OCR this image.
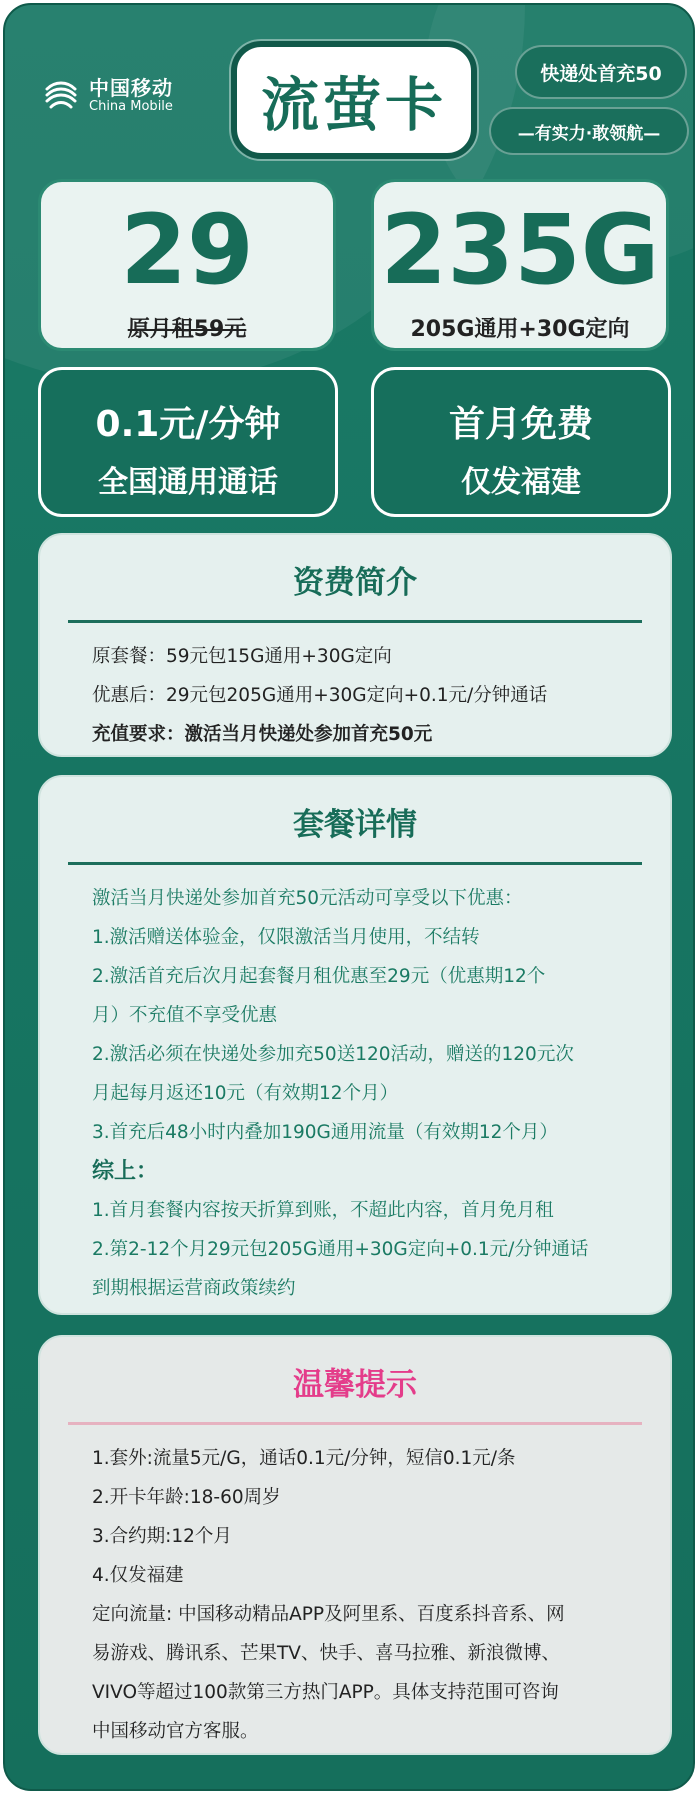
中国移动
China Mobile 流萤卡	快递处首充50
—有实力·敢领航—
29
原月租59元
235G
205G通用+30G定向
0.1元/分钟
全国通用通话
首月免费
仅发福建
资费简介
原套餐：59元包15G通用+30G定向
优惠后：29元包205G通用+30G定向+0.1元/分钟通话
充值要求：激活当月快递处参加首充50元
套餐详情
激活当月快递处参加首充50元活动可享受以下优惠：
1.激活赠送体验金，仅限激活当月使用，不结转
2.激活首充后次月起套餐月租优惠至29元（优惠期12个
月）不充值不享受优惠
2.激活必须在快递处参加充50送120活动，赠送的120元次
月起每月返还10元（有效期12个月）
3.首充后48小时内叠加190G通用流量（有效期12个月）
综上：
1.首月套餐内容按天折算到账，不超此内容，首月免月租
2.第2-12个月29元包205G通用+30G定向+0.1元/分钟通话
到期根据运营商政策续约
温馨提示
1.套外:流量5元/G，通话0.1元/分钟，短信0.1元/条
2.开卡年龄:18-60周岁
3.合约期:12个月
4.仅发福建
定向流量: 中国移动精品APP及阿里系、百度系抖音系、网
易游戏、腾讯系、芒果TV、快手、喜马拉雅、新浪微博、
VIVO等超过100款第三方热门APP。具体支持范围可咨询
中国移动官方客服。
